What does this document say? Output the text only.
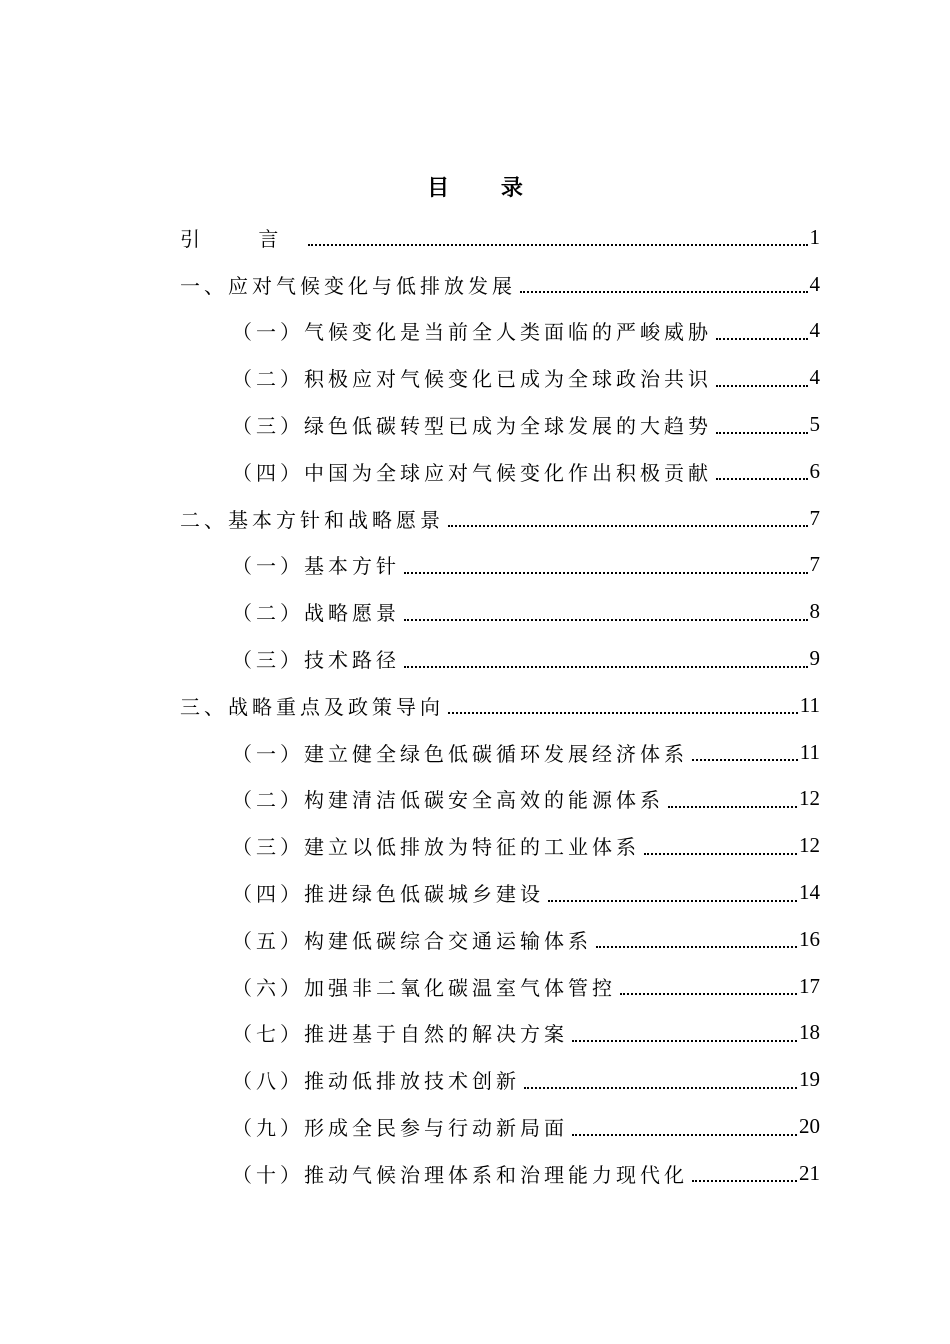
目 录
引 言	1
一、应对气候变化与低排放发展	4
（一）气候变化是当前全人类面临的严峻威胁	4
（二）积极应对气候变化已成为全球政治共识	4
（三）绿色低碳转型已成为全球发展的大趋势	5
（四）中国为全球应对气候变化作出积极贡献	6
二、基本方针和战略愿景	7
（一）基本方针	7
（二）战略愿景	8
（三）技术路径	9
三、战略重点及政策导向	11
（一）建立健全绿色低碳循环发展经济体系	11
（二）构建清洁低碳安全高效的能源体系	12
（三）建立以低排放为特征的工业体系	12
（四）推进绿色低碳城乡建设	14
（五）构建低碳综合交通运输体系	16
（六）加强非二氧化碳温室气体管控	17
（七）推进基于自然的解决方案	18
（八）推动低排放技术创新	19
（九）形成全民参与行动新局面	20
（十）推动气候治理体系和治理能力现代化	21
